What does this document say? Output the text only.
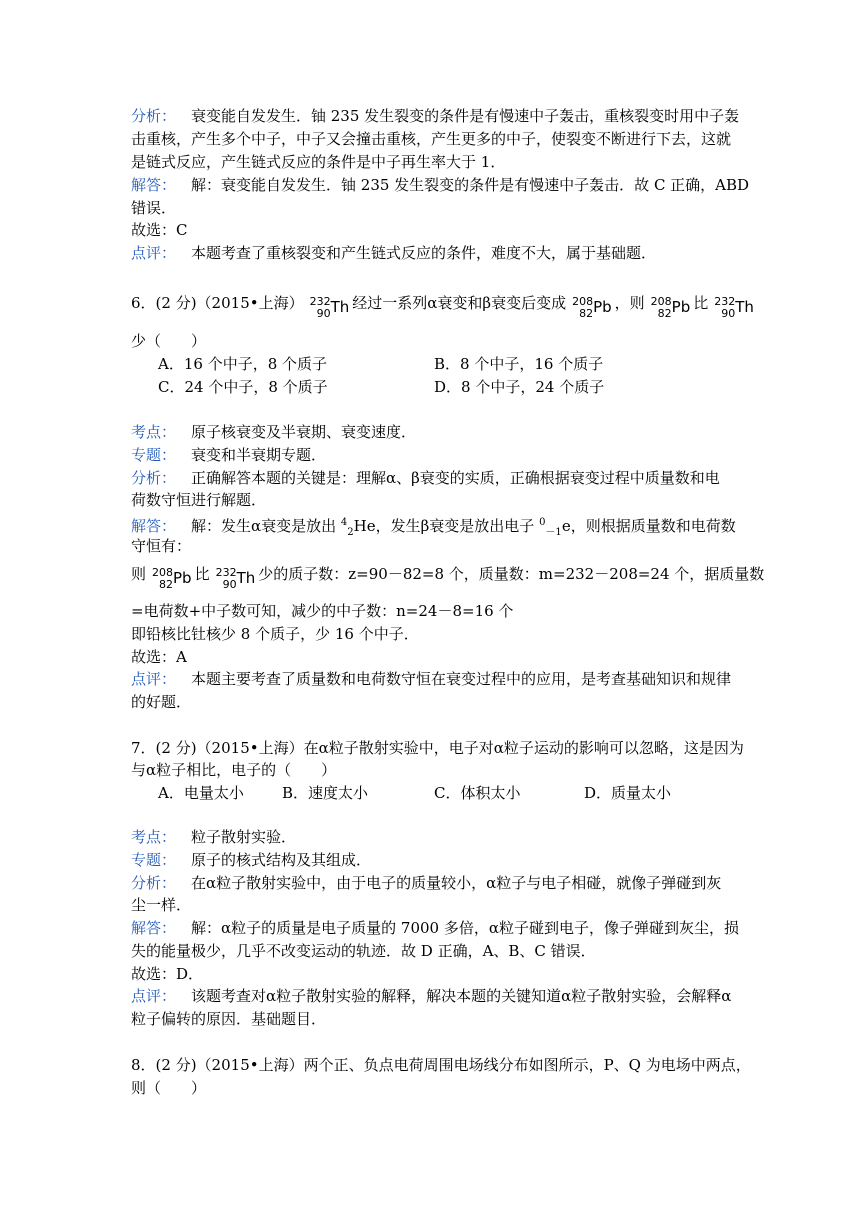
分析： 衰变能自发发生．铀 235 发生裂变的条件是有慢速中子轰击，重核裂变时用中子轰
击重核，产生多个中子，中子又会撞击重核，产生更多的中子，使裂变不断进行下去，这就
是链式反应，产生链式反应的条件是中子再生率大于 1．
解答： 解：衰变能自发发生．铀 235 发生裂变的条件是有慢速中子轰击．故 C 正确，ABD
错误．
故选：C
点评： 本题考查了重核裂变和产生链式反应的条件，难度不大，属于基础题．
6．(2 分)（2015•上海） 232
90 Th 经过一系列α衰变和β衰变后变成 208
82 Pb ，则 208
82 Pb 比 232
90 Th
少（　　）
A．16 个中子，8 个质子	B．8 个中子，16 个质子
C．24 个中子，8 个质子	D．8 个中子，24 个质子
考点： 原子核衰变及半衰期、衰变速度．
专题： 衰变和半衰期专题．
分析： 正确解答本题的关键是：理解α、β衰变的实质，正确根据衰变过程中质量数和电
荷数守恒进行解题．
解答： 解：发生α衰变是放出 $^4_2$He，发生β衰变是放出电子 $^0_{-1}$e，则根据质量数和电荷数
守恒有：
则 208
82 Pb 比 232
90 Th 少的质子数：z=90－82=8 个，质量数：m=232－208=24 个，据质量数
=电荷数+中子数可知，减少的中子数：n=24－8=16 个
即铅核比钍核少 8 个质子，少 16 个中子．
故选：A
点评： 本题主要考查了质量数和电荷数守恒在衰变过程中的应用，是考查基础知识和规律
的好题．
7．(2 分)（2015•上海）在α粒子散射实验中，电子对α粒子运动的影响可以忽略，这是因为
与α粒子相比，电子的（　　）
A．电量太小	B．速度太小	C．体积太小	D．质量太小
考点： 粒子散射实验．
专题： 原子的核式结构及其组成．
分析： 在α粒子散射实验中，由于电子的质量较小，α粒子与电子相碰，就像子弹碰到灰
尘一样．
解答： 解：α粒子的质量是电子质量的 7000 多倍，α粒子碰到电子，像子弹碰到灰尘，损
失的能量极少，几乎不改变运动的轨迹．故 D 正确，A、B、C 错误．
故选：D．
点评： 该题考查对α粒子散射实验的解释，解决本题的关键知道α粒子散射实验，会解释α
粒子偏转的原因．基础题目．
8．(2 分)（2015•上海）两个正、负点电荷周围电场线分布如图所示，P、Q 为电场中两点，
则（　　）
